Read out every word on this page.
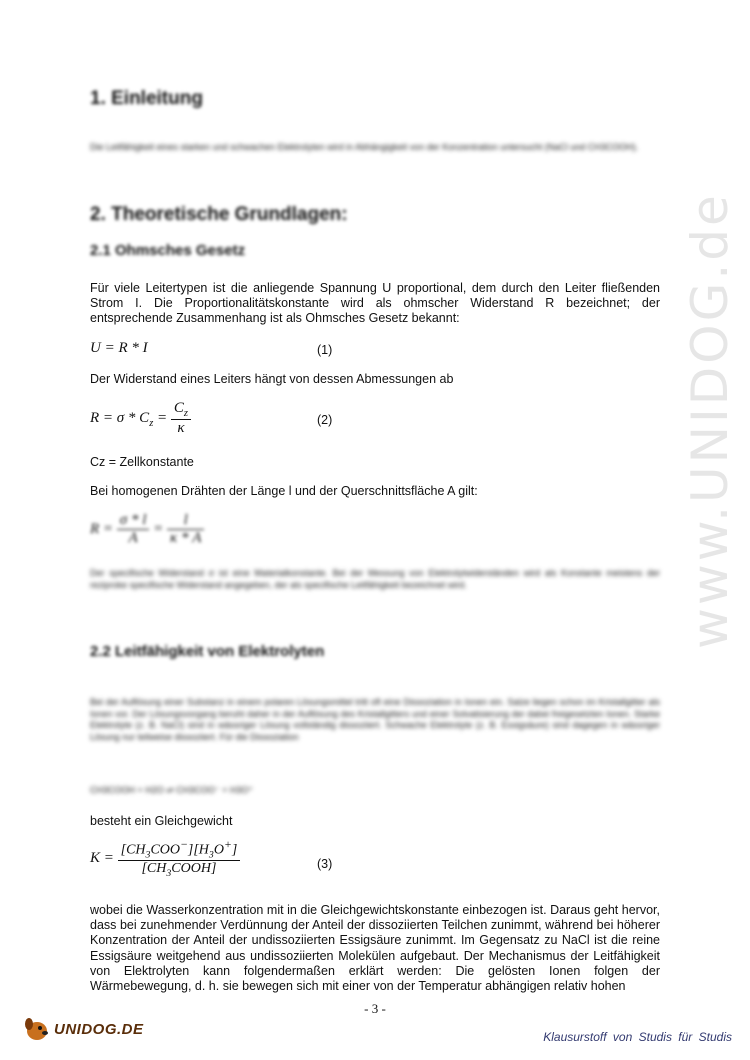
www.UNIDOG.de
1. Einleitung
Die Leitfähigkeit eines starken und schwachen Elektrolyten wird in Abhängigkeit von der Konzentration untersucht (NaCl und CH3COOH).
2. Theoretische Grundlagen:
2.1 Ohmsches Gesetz
Für viele Leitertypen ist die anliegende Spannung U proportional, dem durch den Leiter fließenden Strom I. Die Proportionalitätskonstante wird als ohmscher Widerstand R bezeichnet; der entsprechende Zusammenhang ist als Ohmsches Gesetz bekannt:
U = R * I	(1)
Der Widerstand eines Leiters hängt von dessen Abmessungen ab
$R = \sigma * C_z = \frac{C_z}{\kappa}$	(2)
Cz = Zellkonstante
Bei homogenen Drähten der Länge l und der Querschnittsfläche A gilt:
$R = \frac{\sigma * l}{A} = \frac{l}{\kappa * A}$
Der specifische Widerstand σ ist eine Materialkonstante. Bei der Messung von Elektrolytwiderständen wird als Konstante meistens der reziproke specifische Widerstand angegeben, der als specifische Leitfähigkeit bezeichnet wird.
2.2 Leitfähigkeit von Elektrolyten
Bei der Auflösung einer Substanz in einem polaren Lösungsmittel tritt oft eine Dissoziation in Ionen ein. Salze liegen schon im Kristallgitter als Ionen vor. Der Lösungsvorgang beruht daher in der Auflösung des Kristallgitters und einer Solvatisierung der dabei freigesetzten Ionen. Starke Elektrolyte (z. B. NaCl) sind in wässriger Lösung vollständig dissoziiert. Schwache Elektrolyte (z. B. Essigsäure) sind dagegen in wässriger Lösung nur teilweise dissoziiert. Für die Dissoziation
CH3COOH + H2O ⇌ CH3COO⁻ + H3O⁺
besteht ein Gleichgewicht
$K = \frac{[CH_3COO^-][H_3O^+]}{[CH_3COOH]}$	(3)
wobei die Wasserkonzentration mit in die Gleichgewichtskonstante einbezogen ist. Daraus geht hervor, dass bei zunehmender Verdünnung der Anteil der dissoziierten Teilchen zunimmt, während bei höherer Konzentration der Anteil der undissoziierten Essigsäure zunimmt. Im Gegensatz zu NaCl ist die reine Essigsäure weitgehend aus undissoziierten Molekülen aufgebaut. Der Mechanismus der Leitfähigkeit von Elektrolyten kann folgendermaßen erklärt werden: Die gelösten Ionen folgen der Wärmebewegung, d. h. sie bewegen sich mit einer von der Temperatur abhängigen relativ hohen
- 3 -
UNIDOG.DE	Klausurstoff von Studis für Studis
